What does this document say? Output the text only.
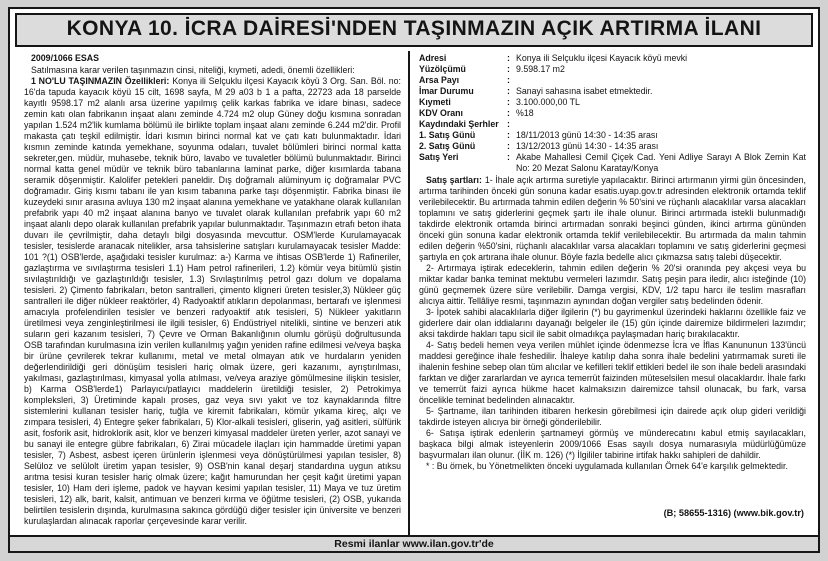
KONYA 10. İCRA DAİRESİ'NDEN TAŞINMAZIN AÇIK ARTIRMA İLANI

2009/1066 ESAS

Satılmasına karar verilen taşınmazın cinsi, niteliği, kıymeti, adedi, önemli özellikleri:

1 NO'LU TAŞINMAZIN Özellikleri: Konya ili Selçuklu ilçesi Kayacık köyü 3 Org. San. Böl. no: 16'da tapuda kayacık köyü 15 cilt, 1698 sayfa, M 29 a03 b 1 a pafta, 22723 ada 18 parselde kayıtlı 9598.17 m2 alanlı arsa üzerine yapılmış çelik karkas fabrika ve idare binası, sadece zemin katı olan fabrikanın inşaat alanı zeminde 4.724 m2 olup Güney doğu kısmına sonradan yapılan 1.524 m2'lik kumlama bölümü ile birlikte toplam inşaat alanı zeminde 6.244 m2'dir. Profil makasta çatı teşkil edilmiştir. İdari kısmın birinci normal kat ve çatı katı bulunmaktadır. İdari kısmın zeminde katında yemekhane, soyunma odaları, tuvalet bölümleri birinci normal katta sekreter,gen. müdür, muhasebe, teknik büro, lavabo ve tuvaletler bölümü bulunmaktadır. Birinci normal katta genel müdür ve teknik büro tabanlarına laminat parke, diğer kısımlarda tabana seramik döşenmiştir. Kalolifer petekleri paneldir. Dış doğramalı alüminyum iç doğramalar PVC doğramadır. Giriş kısmı tabanı ile yan kısım tabanına parke taşı döşenmiştir. Fabrika binası ile kuzeydeki sınır arasına avluya 130 m2 inşaat alanına yemekhane ve yatakhane olarak kullanılan prefabrik yapı 40 m2 inşaat alanına banyo ve tuvalet olarak kullanılan prefabrik yapı 60 m2 inşaat alanlı depo olarak kullanılan prefabrik yapılar bulunmaktadır. Taşınmazın etrafı beton ihata duvarı ile çevrilmiştir, daha detaylı bilgi dosyasında mevcuttur. OSM'lerde Kurulamayacak tesisler, tesislerde aranacak nitelikler, arsa tahsislerine satışları kurulamayacak tesisler Madde: 101 ?(1) OSB'lerde, aşağıdaki tesisler kurulmaz: a-) Karma ve ihtisas OSB'lerde 1) Rafineriler, gazlaştırma ve sıvılaştırma tesisleri 1.1) Ham petrol rafinerileri, 1.2) kömür veya bitümlü şistin sıvılaştırıldığı ve gazlaştırıldığı tesisler, 1.3) Sıvılaştırılmış petrol gazı dolum ve dopalama tesisleri. 2) Çimento fabrikaları, beton santralleri, çimento kligneri üreten tesisler,3) Nükleer güç santralleri ile diğer nükleer reaktörler, 4) Radyoaktif atıkların depolanması, bertarafı ve işlenmesi amacıyla profelendirilen tesisler ve benzeri radyoaktif atık tesisleri, 5) Nükleer yakıtların üretilmesi veya zenginleştirilmesi ile ilgili tesisler, 6) Endüstriyel nitelikli, sintine ve benzeri atık suların geri kazanım tesisleri, 7) Çevre ve Orman Bakanlığının olumlu görüşü doğrultusunda OSB tarafından kurulmasına izin verilen kullanılmış yağın yeniden rafine edilmesi ve/veya başka bir ürüne çevrilerek tekrar kullanımı, metal ve metal olmayan atık ve hurdaların yeniden değerlendirildiği geri dönüşüm tesisleri hariç olmak üzere, geri kazanımı, ayrıştırılması, yakılması, gazlaştırılması, kimyasal yolla atılması, ve/veya araziye gömülmesine ilişkin tesisler, b) Karma OSB'lerde1) Parlayıcı/patlayıcı maddelerin üretildiği tesisler, 2) Petrokimya kompleksleri, 3) Üretiminde kapalı proses, gaz veya sıvı yakıt ve toz kaynaklarında filtre sistemlerini kullanan tesisler hariç, tuğla ve kiremit fabrikaları, kömür yıkama kireç, alçı ve zımpara tesisleri, 4) Entegre şeker fabrikaları, 5) Klor-alkali tesisleri, gliserin, yağ asitleri, sülfürik asit, fosforik asit, hidroklorik asit, klor ve benzeri kimyasal maddeler üreten yerler, azot sanayi ve bu sanayi ile entegre gübre fabrikaları, 6) Zirai mücadele ilaçları için hammadde üretimi yapan tesisler, 7) Asbest, asbest içeren ürünlerin işlenmesi veya dönüştürülmesi yapılan tesisler, 8) Selüloz ve selülolt üretim yapan tesisler, 9) OSB'nin kanal deşarj standardına uygun atıksu arıtma tesisi kuran tesisler hariç olmak üzere; kağıt hamurundan her çeşit kağıt üretimi yapan tesisler, 10) Ham deri işleme, padok ve hayvan kesimi yapılan tesisler, 11) Maya ve tuz üretim tesisleri, 12) alk, barit, kalsit, antimuan ve benzeri kırma ve öğütme tesisleri, (2) OSB, yukarıda belirtilen tesislerin dışında, kurulmasına sakınca gördüğü diğer tesisler için üniversite ve benzeri kurulaşlardan alınacak raporlar çerçevesinde karar verilir.

Adresi	: Konya ili Selçuklu ilçesi Kayacık köyü mevki
Yüzölçümü	: 9.598.17 m2
Arsa Payı	:
İmar Durumu	: Sanayi sahasına isabet etmektedir.
Kıymeti	: 3.100.000,00 TL
KDV Oranı	: %18
Kaydındaki Şerhler :
1. Satış Günü	: 18/11/2013 günü 14:30 - 14:35 arası
2. Satış Günü	: 13/12/2013 günü 14:30 - 14:35 arası
Satış Yeri	: Akabe Mahallesi Cemil Çiçek Cad. Yeni Adliye Sarayı A Blok Zemin Kat No: 20 Mezat Salonu Karatay/Konya

Satış şartları: 1- İhale açık artırma suretiyle yapılacaktır. Birinci artırmanın yirmi gün öncesinden, artırma tarihinden önceki gün sonuna kadar esatis.uyap.gov.tr adresinden elektronik ortamda teklif verilebilecektir. Bu artırmada tahmin edilen değerin % 50'sini ve rüçhanlı alacaklılar varsa alacakları toplamını ve satış giderlerini geçmek şartı ile ihale olunur. Birinci artırmada istekli bulunmadığı takdirde elektronik ortamda birinci artırmadan sonraki beşinci günden, ikinci artırma gününden önceki gün sonuna kadar elektronik ortamda teklif verilebilecektir. Bu artırmada da malın tahmin edilen değerin %50'sini, rüçhanlı alacaklılar varsa alacakları toplamını ve satış giderlerini geçmesi şartıyla en çok artırana ihale olunur. Böyle fazla bedelle alıcı çıkmazsa satış talebi düşecektir.

2- Artırmaya iştirak edeceklerin, tahmin edilen değerin % 20'si oranında pey akçesi veya bu miktar kadar banka teminat mektubu vermeleri lazımdır. Satış peşin para iledir, alıcı isteğinde (10) günü geçmemek üzere süre verilebilir. Damga vergisi, KDV, 1/2 tapu harcı ile teslim masrafları alıcıya aittir. Tellâliye resmi, taşınmazın aynından doğan vergiler satış bedelinden ödenir.

3- İpotek sahibi alacaklılarla diğer ilgilerin (*) bu gayrimenkul üzerindeki haklarını özellikle faiz ve giderlere dair olan iddialarını dayanağı belgeler ile (15) gün içinde dairemize bildirmeleri lazımdır; aksi takdirde hakları tapu sicil ile sabit olmadıkça paylaşmadan hariç bırakılacaktır.

4- Satış bedeli hemen veya verilen mühlet içinde ödenmezse İcra ve İflas Kanununun 133'üncü maddesi gereğince ihale feshedilir. İhaleye katılıp daha sonra ihale bedelini yatırmamak sureti ile ihalenin feshine sebep olan tüm alıcılar ve kefilleri teklif ettikleri bedel ile son ihale bedeli arasındaki farktan ve diğer zararlardan ve ayrıca temerrüt faizinden müteselsilen mesul olacaklardır. İhale farkı ve temerrüt faizi ayrıca hükme hacet kalmaksızın dairemizce tahsil olunacak, bu fark, varsa öncelikle teminat bedelinden alınacaktır.

5- Şartname, ilan tarihinden itibaren herkesin görebilmesi için dairede açık olup gideri verildiği takdirde isteyen alıcıya bir örneği gönderilebilir.

6- Satışa iştirak edenlerin şartnameyi görmüş ve münderecatını kabul etmiş sayılacakları, başkaca bilgi almak isteyenlerin 2009/1066 Esas sayılı dosya numarasıyla müdürlüğümüze başvurmaları ilan olunur. (İİK m. 126) (*) İlgililer tabirine irtifak hakkı sahipleri de dahildir.

* : Bu örnek, bu Yönetmelikten önceki uygulamada kullanılan Örnek 64'e karşılık gelmektedir.

(B; 58655-1316) (www.bik.gov.tr)

Resmi ilanlar www.ilan.gov.tr'de
